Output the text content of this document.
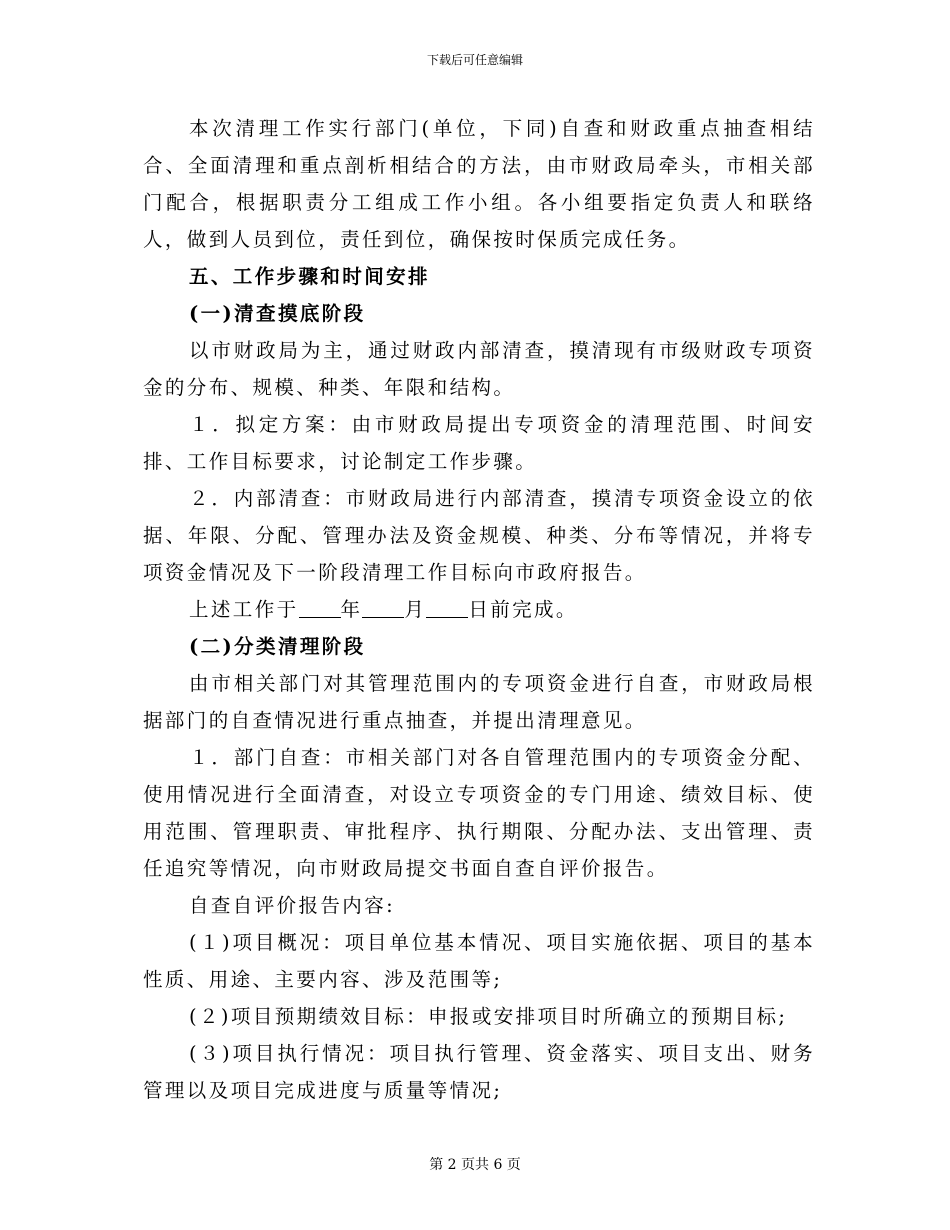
下载后可任意编辑

本次清理工作实行部门(单位，下同)自查和财政重点抽查相结合、全面清理和重点剖析相结合的方法，由市财政局牵头，市相关部门配合，根据职责分工组成工作小组。各小组要指定负责人和联络人，做到人员到位，责任到位，确保按时保质完成任务。

五、工作步骤和时间安排

(一)清查摸底阶段

以市财政局为主，通过财政内部清查，摸清现有市级财政专项资金的分布、规模、种类、年限和结构。

１．拟定方案：由市财政局提出专项资金的清理范围、时间安排、工作目标要求，讨论制定工作步骤。

２．内部清查：市财政局进行内部清查，摸清专项资金设立的依据、年限、分配、管理办法及资金规模、种类、分布等情况，并将专项资金情况及下一阶段清理工作目标向市政府报告。

上述工作于 年 月 日前完成。

(二)分类清理阶段

由市相关部门对其管理范围内的专项资金进行自查，市财政局根据部门的自查情况进行重点抽查，并提出清理意见。

１．部门自查：市相关部门对各自管理范围内的专项资金分配、使用情况进行全面清查，对设立专项资金的专门用途、绩效目标、使用范围、管理职责、审批程序、执行期限、分配办法、支出管理、责任追究等情况，向市财政局提交书面自查自评价报告。

自查自评价报告内容:

(１)项目概况：项目单位基本情况、项目实施依据、项目的基本性质、用途、主要内容、涉及范围等;

(２)项目预期绩效目标：申报或安排项目时所确立的预期目标;

(３)项目执行情况：项目执行管理、资金落实、项目支出、财务管理以及项目完成进度与质量等情况;

第 2 页共 6 页
